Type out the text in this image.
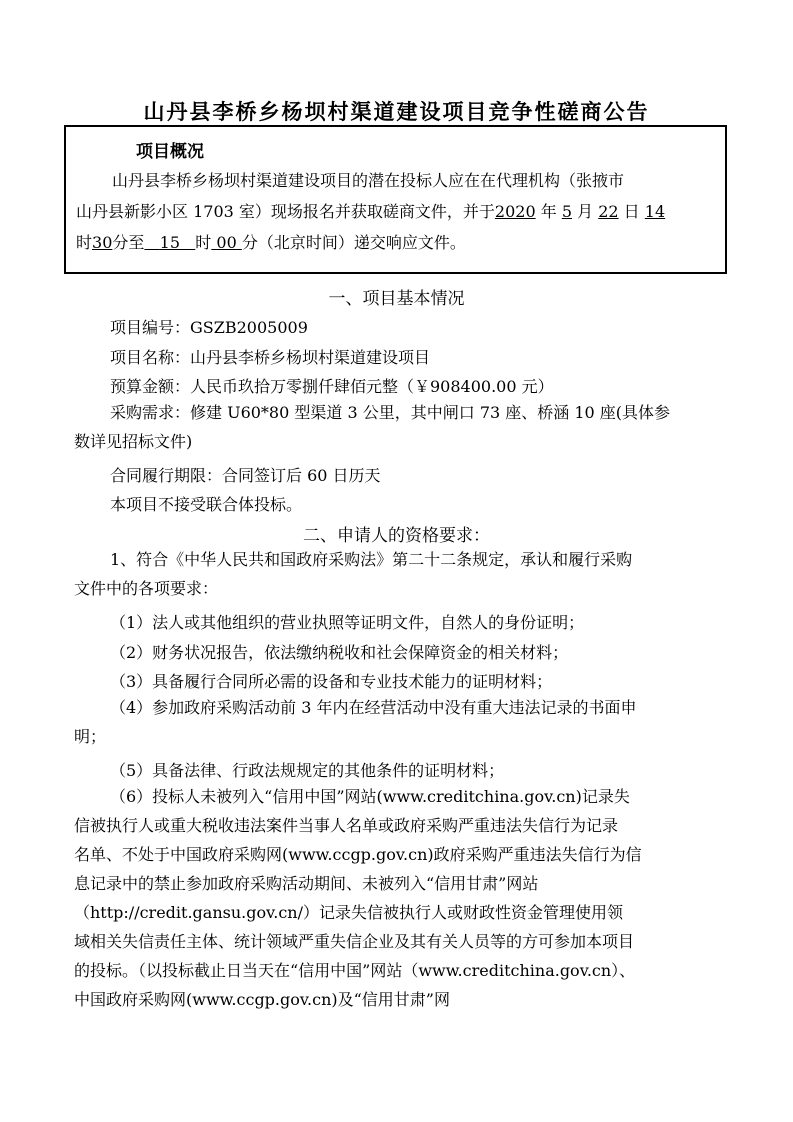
山丹县李桥乡杨坝村渠道建设项目竞争性磋商公告
项目概况
山丹县李桥乡杨坝村渠道建设项目的潜在投标人应在在代理机构（张掖市
山丹县新影小区 1703 室）现场报名并获取磋商文件，并于2020 年 5 月 22 日 14
时30分至 15 时 00 分（北京时间）递交响应文件。
一、项目基本情况
项目编号：GSZB2005009
项目名称：山丹县李桥乡杨坝村渠道建设项目
预算金额：人民币玖拾万零捌仟肆佰元整（￥908400.00 元）
采购需求：修建 U60*80 型渠道 3 公里，其中闸口 73 座、桥涵 10 座(具体参
数详见招标文件)
合同履行期限：合同签订后 60 日历天
本项目不接受联合体投标。
二、申请人的资格要求：
1、符合《中华人民共和国政府采购法》第二十二条规定，承认和履行采购
文件中的各项要求：
（1）法人或其他组织的营业执照等证明文件，自然人的身份证明；
（2）财务状况报告，依法缴纳税收和社会保障资金的相关材料；
（3）具备履行合同所必需的设备和专业技术能力的证明材料；
（4）参加政府采购活动前 3 年内在经营活动中没有重大违法记录的书面申
明；
（5）具备法律、行政法规规定的其他条件的证明材料；
（6）投标人未被列入“信用中国”网站(www.creditchina.gov.cn)记录失
信被执行人或重大税收违法案件当事人名单或政府采购严重违法失信行为记录
名单、不处于中国政府采购网(www.ccgp.gov.cn)政府采购严重违法失信行为信
息记录中的禁止参加政府采购活动期间、未被列入“信用甘肃”网站
（http://credit.gansu.gov.cn/）记录失信被执行人或财政性资金管理使用领
域相关失信责任主体、统计领域严重失信企业及其有关人员等的方可参加本项目
的投标。（以投标截止日当天在“信用中国”网站（www.creditchina.gov.cn）、
中国政府采购网(www.ccgp.gov.cn)及“信用甘肃”网
